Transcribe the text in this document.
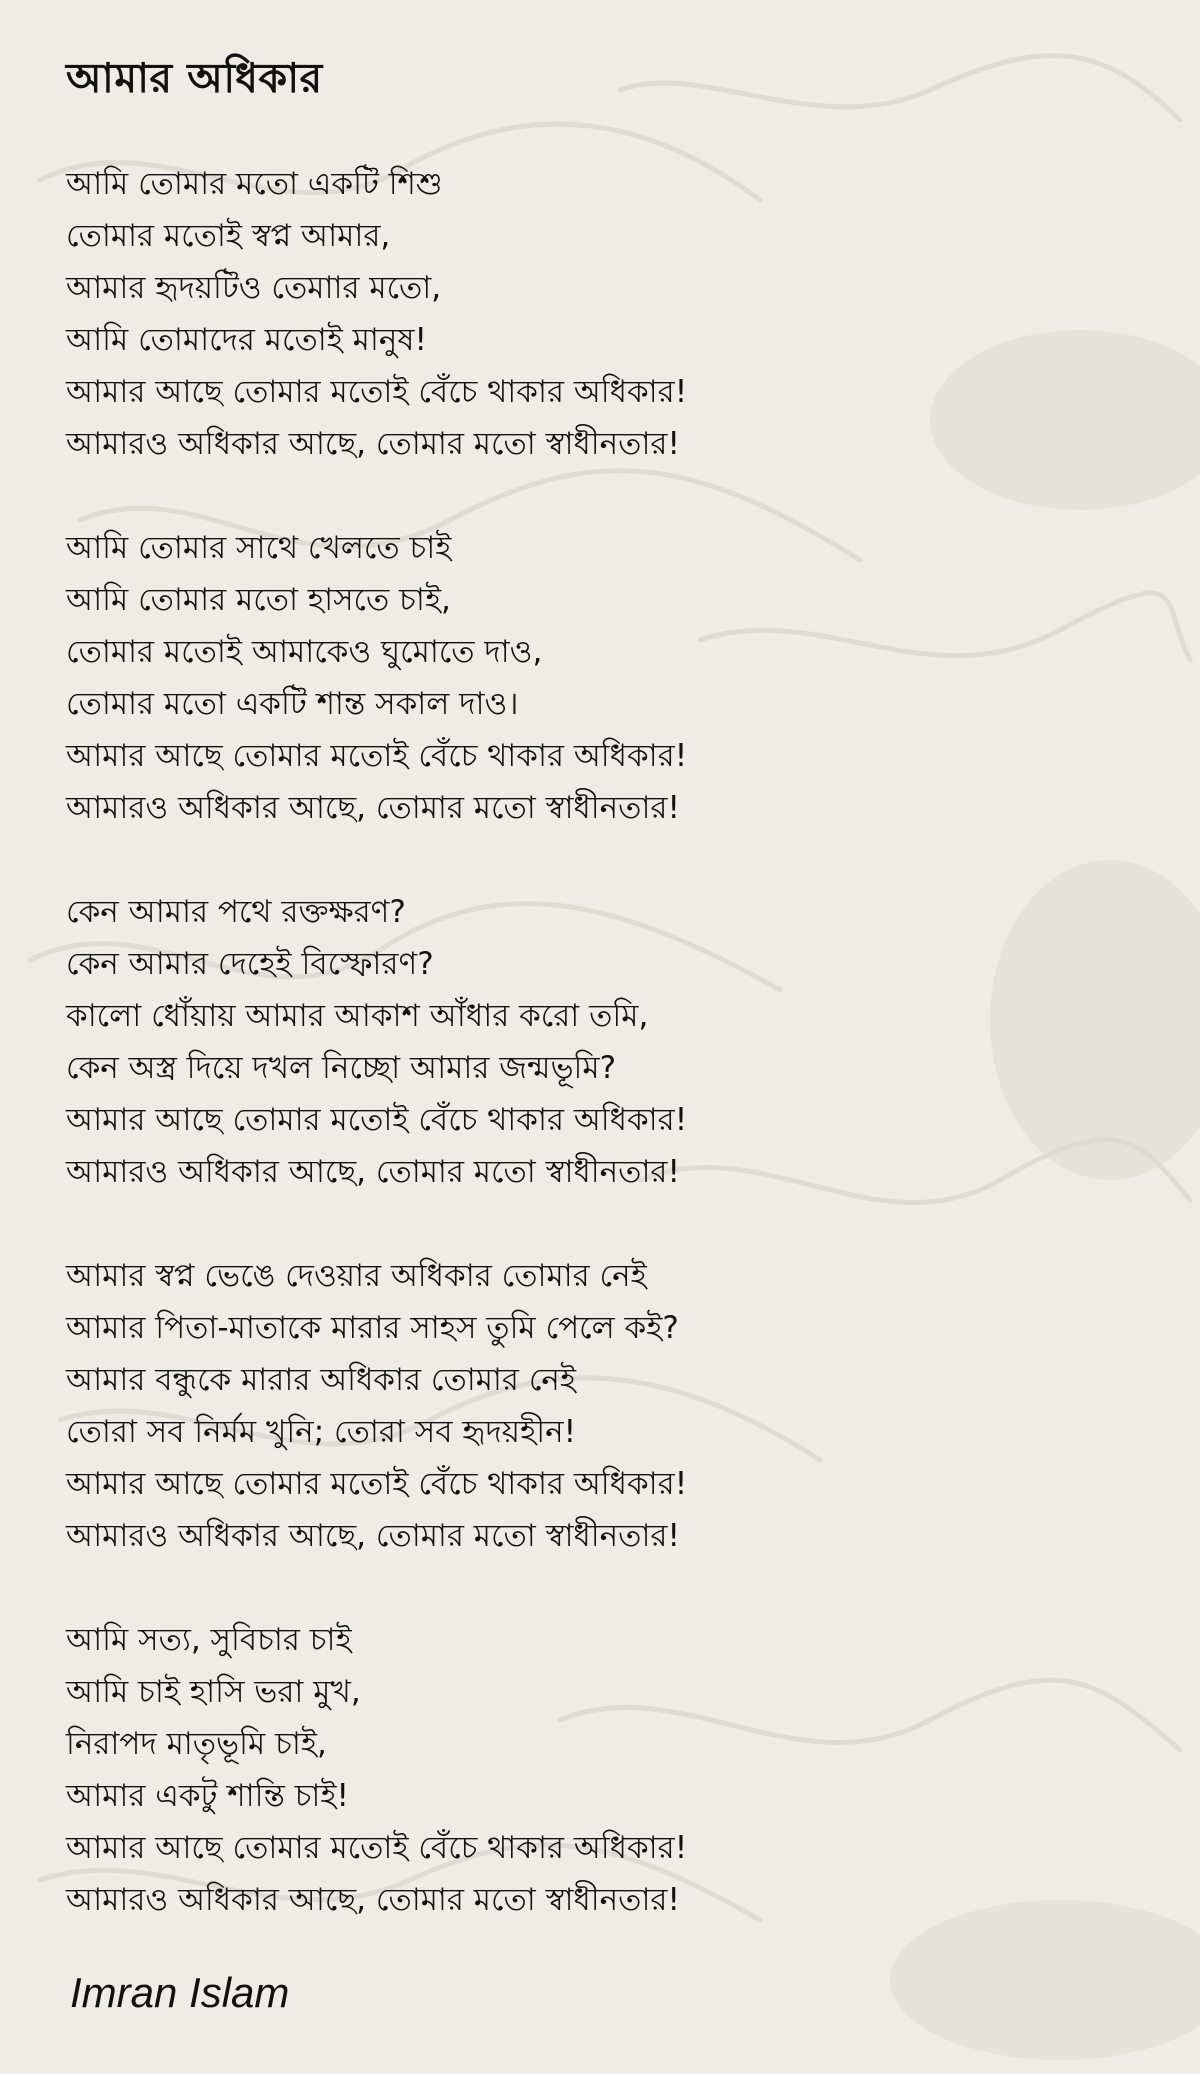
আমার অধিকার
আমি তোমার মতো একটি শিশু
তোমার মতোই স্বপ্ন আমার,
আমার হৃদয়টিও তেমাার মতো,
আমি তোমাদের মতোই মানুষ!
আমার আছে তোমার মতোই বেঁচে থাকার অধিকার!
আমারও অধিকার আছে, তোমার মতো স্বাধীনতার!
আমি তোমার সাথে খেলতে চাই
আমি তোমার মতো হাসতে চাই,
তোমার মতোই আমাকেও ঘুমোতে দাও,
তোমার মতো একটি শান্ত সকাল দাও।
আমার আছে তোমার মতোই বেঁচে থাকার অধিকার!
আমারও অধিকার আছে, তোমার মতো স্বাধীনতার!
কেন আমার পথে রক্তক্ষরণ?
কেন আমার দেহেই বিস্ফোরণ?
কালো ধোঁয়ায় আমার আকাশ আঁধার করো তমি,
কেন অস্ত্র দিয়ে দখল নিচ্ছো আমার জন্মভূমি?
আমার আছে তোমার মতোই বেঁচে থাকার অধিকার!
আমারও অধিকার আছে, তোমার মতো স্বাধীনতার!
আমার স্বপ্ন ভেঙে দেওয়ার অধিকার তোমার নেই
আমার পিতা-মাতাকে মারার সাহস তুমি পেলে কই?
আমার বন্ধুকে মারার অধিকার তোমার নেই
তোরা সব নির্মম খুনি; তোরা সব হৃদয়হীন!
আমার আছে তোমার মতোই বেঁচে থাকার অধিকার!
আমারও অধিকার আছে, তোমার মতো স্বাধীনতার!
আমি সত্য, সুবিচার চাই
আমি চাই হাসি ভরা মুখ,
নিরাপদ মাতৃভূমি চাই,
আমার একটু শান্তি চাই!
আমার আছে তোমার মতোই বেঁচে থাকার অধিকার!
আমারও অধিকার আছে, তোমার মতো স্বাধীনতার!
Imran Islam
